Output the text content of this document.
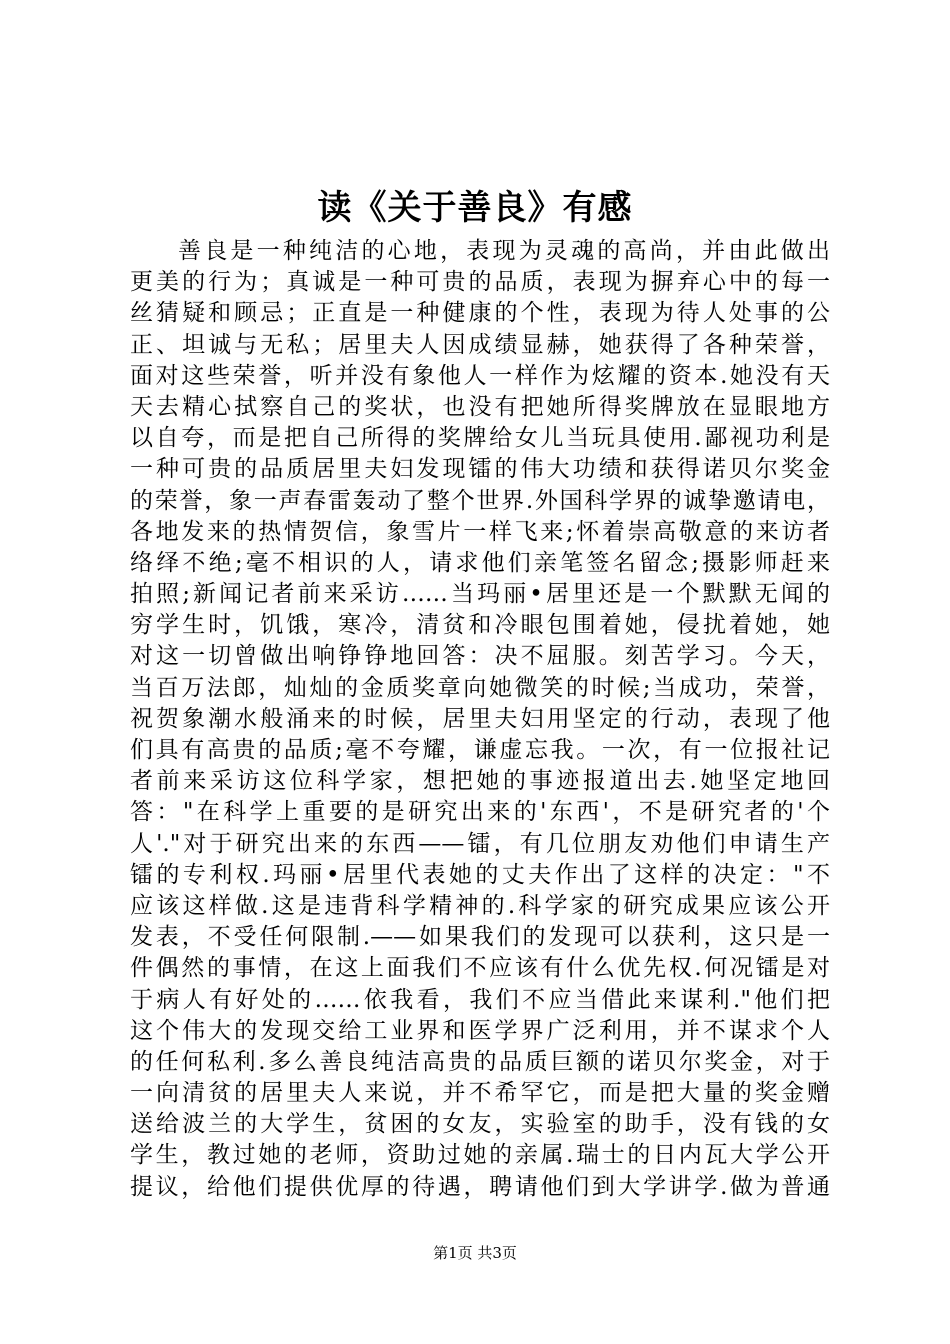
读《关于善良》有感
善良是一种纯洁的心地，表现为灵魂的高尚，并由此做出
更美的行为；真诚是一种可贵的品质，表现为摒弃心中的每一
丝猜疑和顾忌；正直是一种健康的个性，表现为待人处事的公
正、坦诚与无私；居里夫人因成绩显赫，她获得了各种荣誉，
面对这些荣誉，听并没有象他人一样作为炫耀的资本.她没有天
天去精心拭察自己的奖状，也没有把她所得奖牌放在显眼地方
以自夸，而是把自己所得的奖牌给女儿当玩具使用.鄙视功利是
一种可贵的品质居里夫妇发现镭的伟大功绩和获得诺贝尔奖金
的荣誉，象一声春雷轰动了整个世界.外国科学界的诚挚邀请电，
各地发来的热情贺信，象雪片一样飞来;怀着崇高敬意的来访者
络绎不绝;毫不相识的人，请求他们亲笔签名留念;摄影师赶来
拍照;新闻记者前来采访……当玛丽•居里还是一个默默无闻的
穷学生时，饥饿，寒冷，清贫和冷眼包围着她，侵扰着她，她
对这一切曾做出响铮铮地回答：决不屈服。刻苦学习。今天，
当百万法郎，灿灿的金质奖章向她微笑的时候;当成功，荣誉，
祝贺象潮水般涌来的时候，居里夫妇用坚定的行动，表现了他
们具有高贵的品质;毫不夸耀，谦虚忘我。一次，有一位报社记
者前来采访这位科学家，想把她的事迹报道出去.她坚定地回
答："在科学上重要的是研究出来的'东西'，不是研究者的'个
人'."对于研究出来的东西——镭，有几位朋友劝他们申请生产
镭的专利权.玛丽•居里代表她的丈夫作出了这样的决定："不
应该这样做.这是违背科学精神的.科学家的研究成果应该公开
发表，不受任何限制.——如果我们的发现可以获利，这只是一
件偶然的事情，在这上面我们不应该有什么优先权.何况镭是对
于病人有好处的……依我看，我们不应当借此来谋利."他们把
这个伟大的发现交给工业界和医学界广泛利用，并不谋求个人
的任何私利.多么善良纯洁高贵的品质巨额的诺贝尔奖金，对于
一向清贫的居里夫人来说，并不希罕它，而是把大量的奖金赠
送给波兰的大学生，贫困的女友，实验室的助手，没有钱的女
学生，教过她的老师，资助过她的亲属.瑞士的日内瓦大学公开
提议，给他们提供优厚的待遇，聘请他们到大学讲学.做为普通
第1页 共3页
